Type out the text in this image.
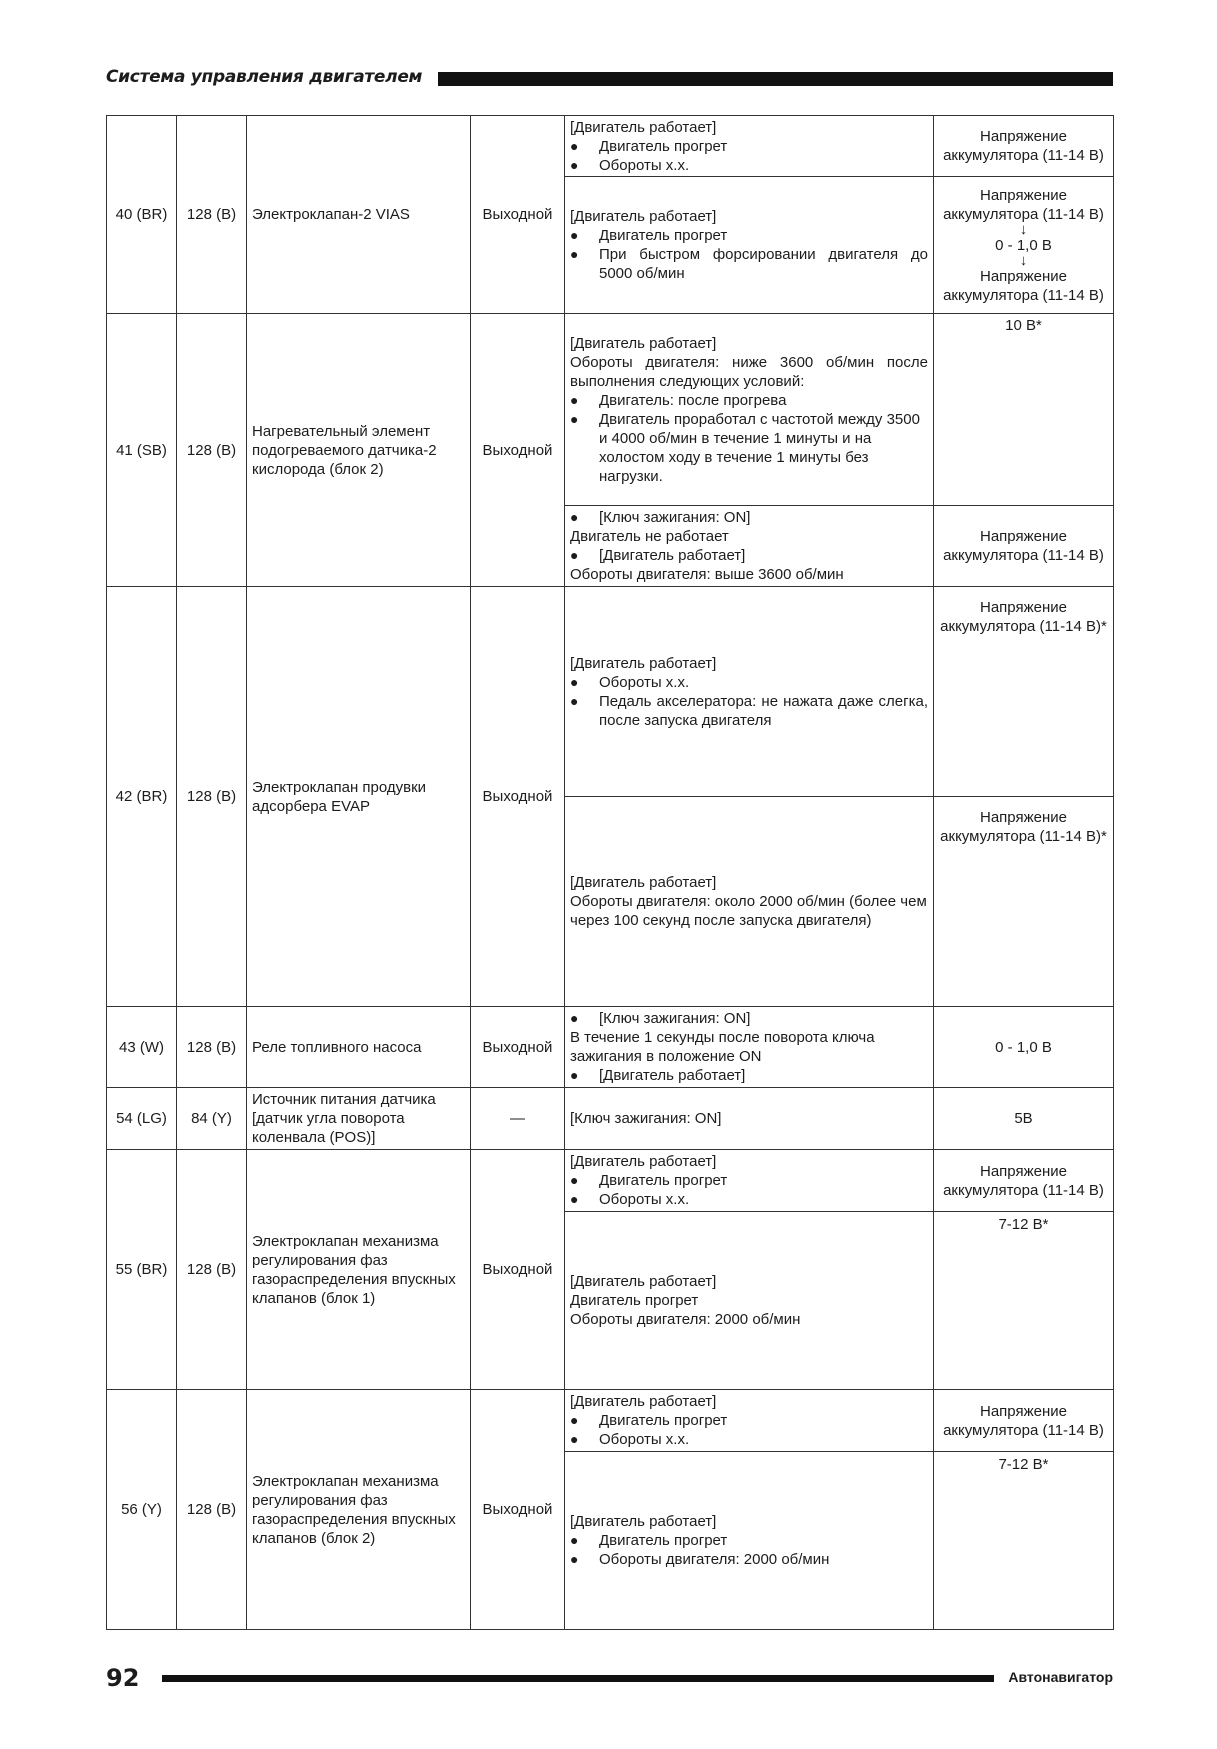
Система управления двигателем
40 (BR)	128 (B)	Электроклапан-2 VIAS	Выходной	[Двигатель работает]
● Двигатель прогрет
● Обороты х.х.	Напряжение аккумулятора (11-14 В)

				[Двигатель работает]
● Двигатель прогрет
● При быстром форсировании двигателя до 5000 об/мин	Напряжение аккумулятора (11-14 В)
↓
0 - 1,0 В
↓
Напряжение аккумулятора (11-14 В)

41 (SB)	128 (B)	Нагревательный элемент подогреваемого датчика-2 кислорода (блок 2)	Выходной	[Двигатель работает]
Обороты двигателя: ниже 3600 об/мин после выполнения следующих условий:
● Двигатель: после прогрева
● Двигатель проработал с частотой между 3500 и 4000 об/мин в течение 1 минуты и на холостом ходу в течение 1 минуты без нагрузки.	10 В*

				● [Ключ зажигания: ON]
Двигатель не работает
● [Двигатель работает]
Обороты двигателя: выше 3600 об/мин	Напряжение аккумулятора (11-14 В)
42 (BR)	128 (B)	Электроклапан продувки адсорбера EVAP	Выходной	[Двигатель работает]
● Обороты х.х.
● Педаль акселератора: не нажата даже слегка, после запуска двигателя	Напряжение аккумулятора (11-14 В)*

				[Двигатель работает]
Обороты двигателя: около 2000 об/мин (более чем через 100 секунд после запуска двигателя)	Напряжение аккумулятора (11-14 В)*

43 (W)	128 (B)	Реле топливного насоса	Выходной	● [Ключ зажигания: ON]
В течение 1 секунды после поворота ключа зажигания в положение ON
● [Двигатель работает]	0 - 1,0 В
54 (LG)	84 (Y)	Источник питания датчика [датчик угла поворота коленвала (POS)]	—	[Ключ зажигания: ON]	5В
55 (BR)	128 (B)	Электроклапан механизма регулирования фаз газораспределения впускных клапанов (блок 1)	Выходной	[Двигатель работает]
● Двигатель прогрет
● Обороты х.х.	Напряжение аккумулятора (11-14 В)

				[Двигатель работает]
Двигатель прогрет
Обороты двигателя: 2000 об/мин	7-12 В*

56 (Y)	128 (B)	Электроклапан механизма регулирования фаз газораспределения впускных клапанов (блок 2)	Выходной	[Двигатель работает]
● Двигатель прогрет
● Обороты х.х.	Напряжение аккумулятора (11-14 В)

				[Двигатель работает]
● Двигатель прогрет
● Обороты двигателя: 2000 об/мин	7-12 В*
92	Автонавигатор
